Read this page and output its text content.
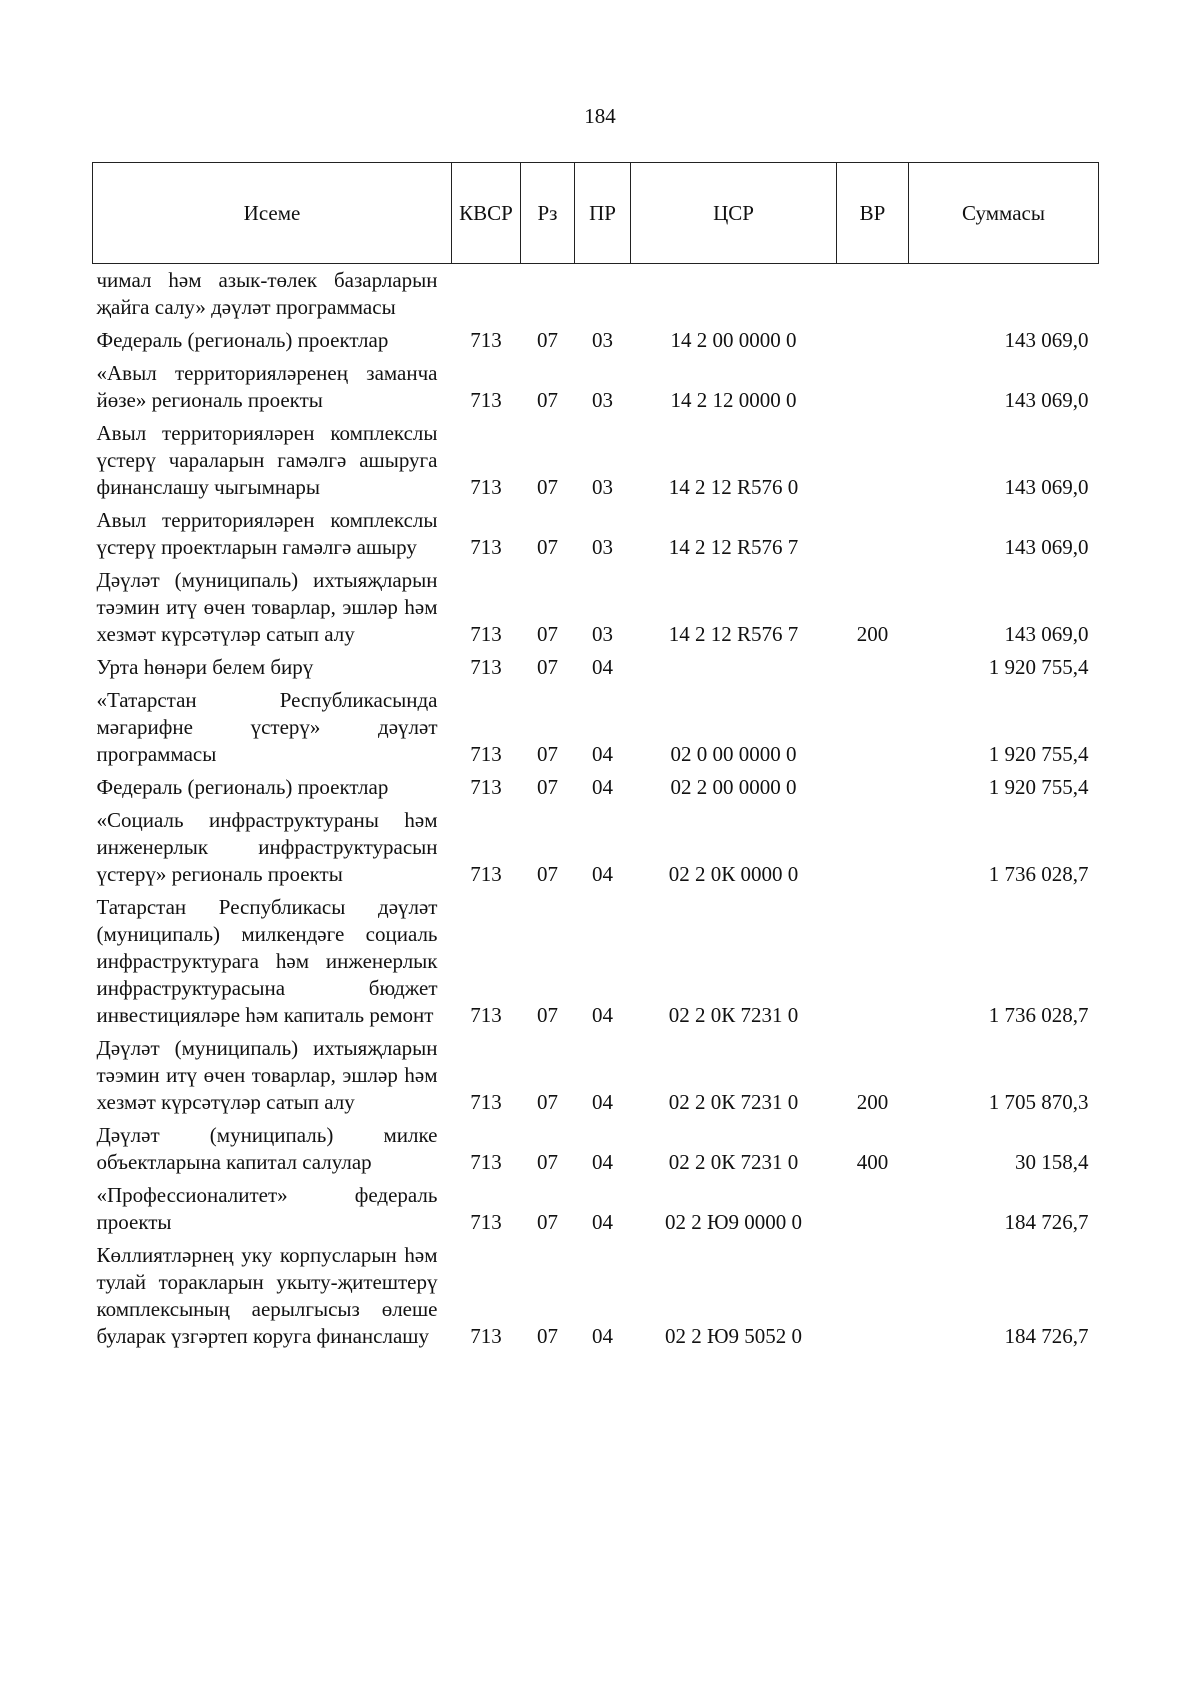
184
Исеме	КВСР	Рз	ПР	ЦСР	ВР	Суммасы
чимал һәм азык-төлек базарларын җайга салу» дәүләт программасы						
Федераль (региональ) проектлар	713	07	03	14 2 00 0000 0		143 069,0
«Авыл территорияләренең заманча йөзе» региональ проекты	713	07	03	14 2 12 0000 0		143 069,0
Авыл территорияләрен комплекслы үстерү чараларын гамәлгә ашыруга финанслашу чыгымнары	713	07	03	14 2 12 R576 0		143 069,0
Авыл территорияләрен комплекслы үстерү проектларын гамәлгә ашыру	713	07	03	14 2 12 R576 7		143 069,0
Дәүләт (муниципаль) ихтыяҗларын тәэмин итү өчен товарлар, эшләр һәм хезмәт күрсәтүләр сатып алу	713	07	03	14 2 12 R576 7	200	143 069,0
Урта һөнәри белем бирү	713	07	04			1 920 755,4
«Татарстан Республикасында мәгарифне үстерү» дәүләт программасы	713	07	04	02 0 00 0000 0		1 920 755,4
Федераль (региональ) проектлар	713	07	04	02 2 00 0000 0		1 920 755,4
«Социаль инфраструктураны һәм инженерлык инфраструктурасын үстерү» региональ проекты	713	07	04	02 2 0К 0000 0		1 736 028,7
Татарстан Республикасы дәүләт (муниципаль) милкендәге социаль инфраструктурага һәм инженерлык инфраструктурасына бюджет инвестицияләре һәм капиталь ремонт	713	07	04	02 2 0К 7231 0		1 736 028,7
Дәүләт (муниципаль) ихтыяҗларын тәэмин итү өчен товарлар, эшләр һәм хезмәт күрсәтүләр сатып алу	713	07	04	02 2 0К 7231 0	200	1 705 870,3
Дәүләт (муниципаль) милке объектларына капитал салулар	713	07	04	02 2 0К 7231 0	400	30 158,4
«Профессионалитет» федераль проекты	713	07	04	02 2 Ю9 0000 0		184 726,7
Көллиятләрнең уку корпусларын һәм тулай торакларын укыту-җитештерү комплексының аерылгысыз өлеше буларак үзгәртеп коруга финанслашу	713	07	04	02 2 Ю9 5052 0		184 726,7
